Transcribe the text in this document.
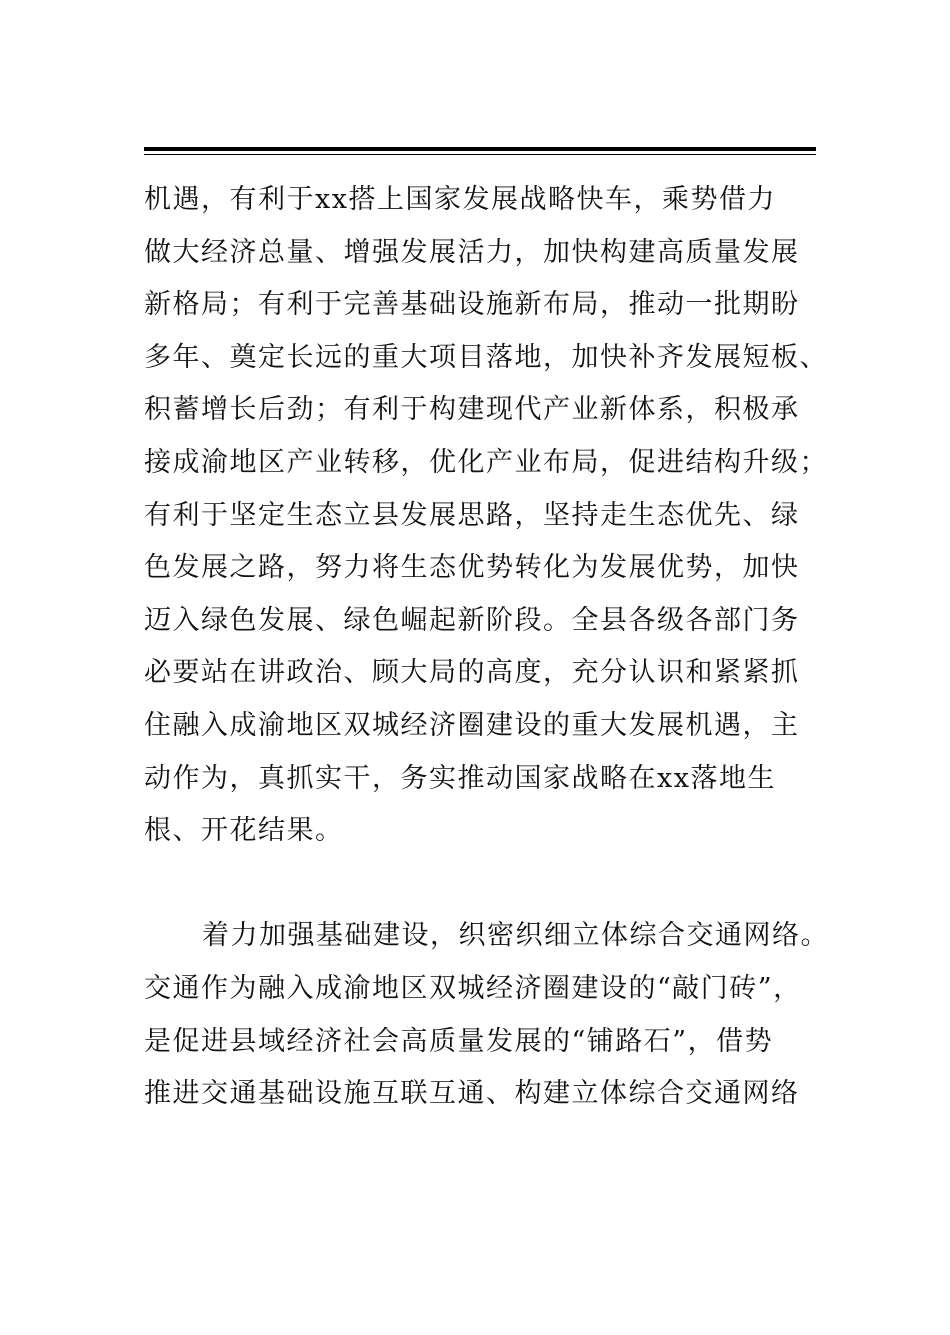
机遇，有利于xx搭上国家发展战略快车，乘势借力
做大经济总量、增强发展活力，加快构建高质量发展
新格局；有利于完善基础设施新布局，推动一批期盼
多年、奠定长远的重大项目落地，加快补齐发展短板、
积蓄增长后劲；有利于构建现代产业新体系，积极承
接成渝地区产业转移，优化产业布局，促进结构升级；
有利于坚定生态立县发展思路，坚持走生态优先、绿
色发展之路，努力将生态优势转化为发展优势，加快
迈入绿色发展、绿色崛起新阶段。全县各级各部门务
必要站在讲政治、顾大局的高度，充分认识和紧紧抓
住融入成渝地区双城经济圈建设的重大发展机遇，主
动作为，真抓实干，务实推动国家战略在xx落地生
根、开花结果。
着力加强基础建设，织密织细立体综合交通网络。
交通作为融入成渝地区双城经济圈建设的“敲门砖”，
是促进县域经济社会高质量发展的“铺路石”，借势
推进交通基础设施互联互通、构建立体综合交通网络
